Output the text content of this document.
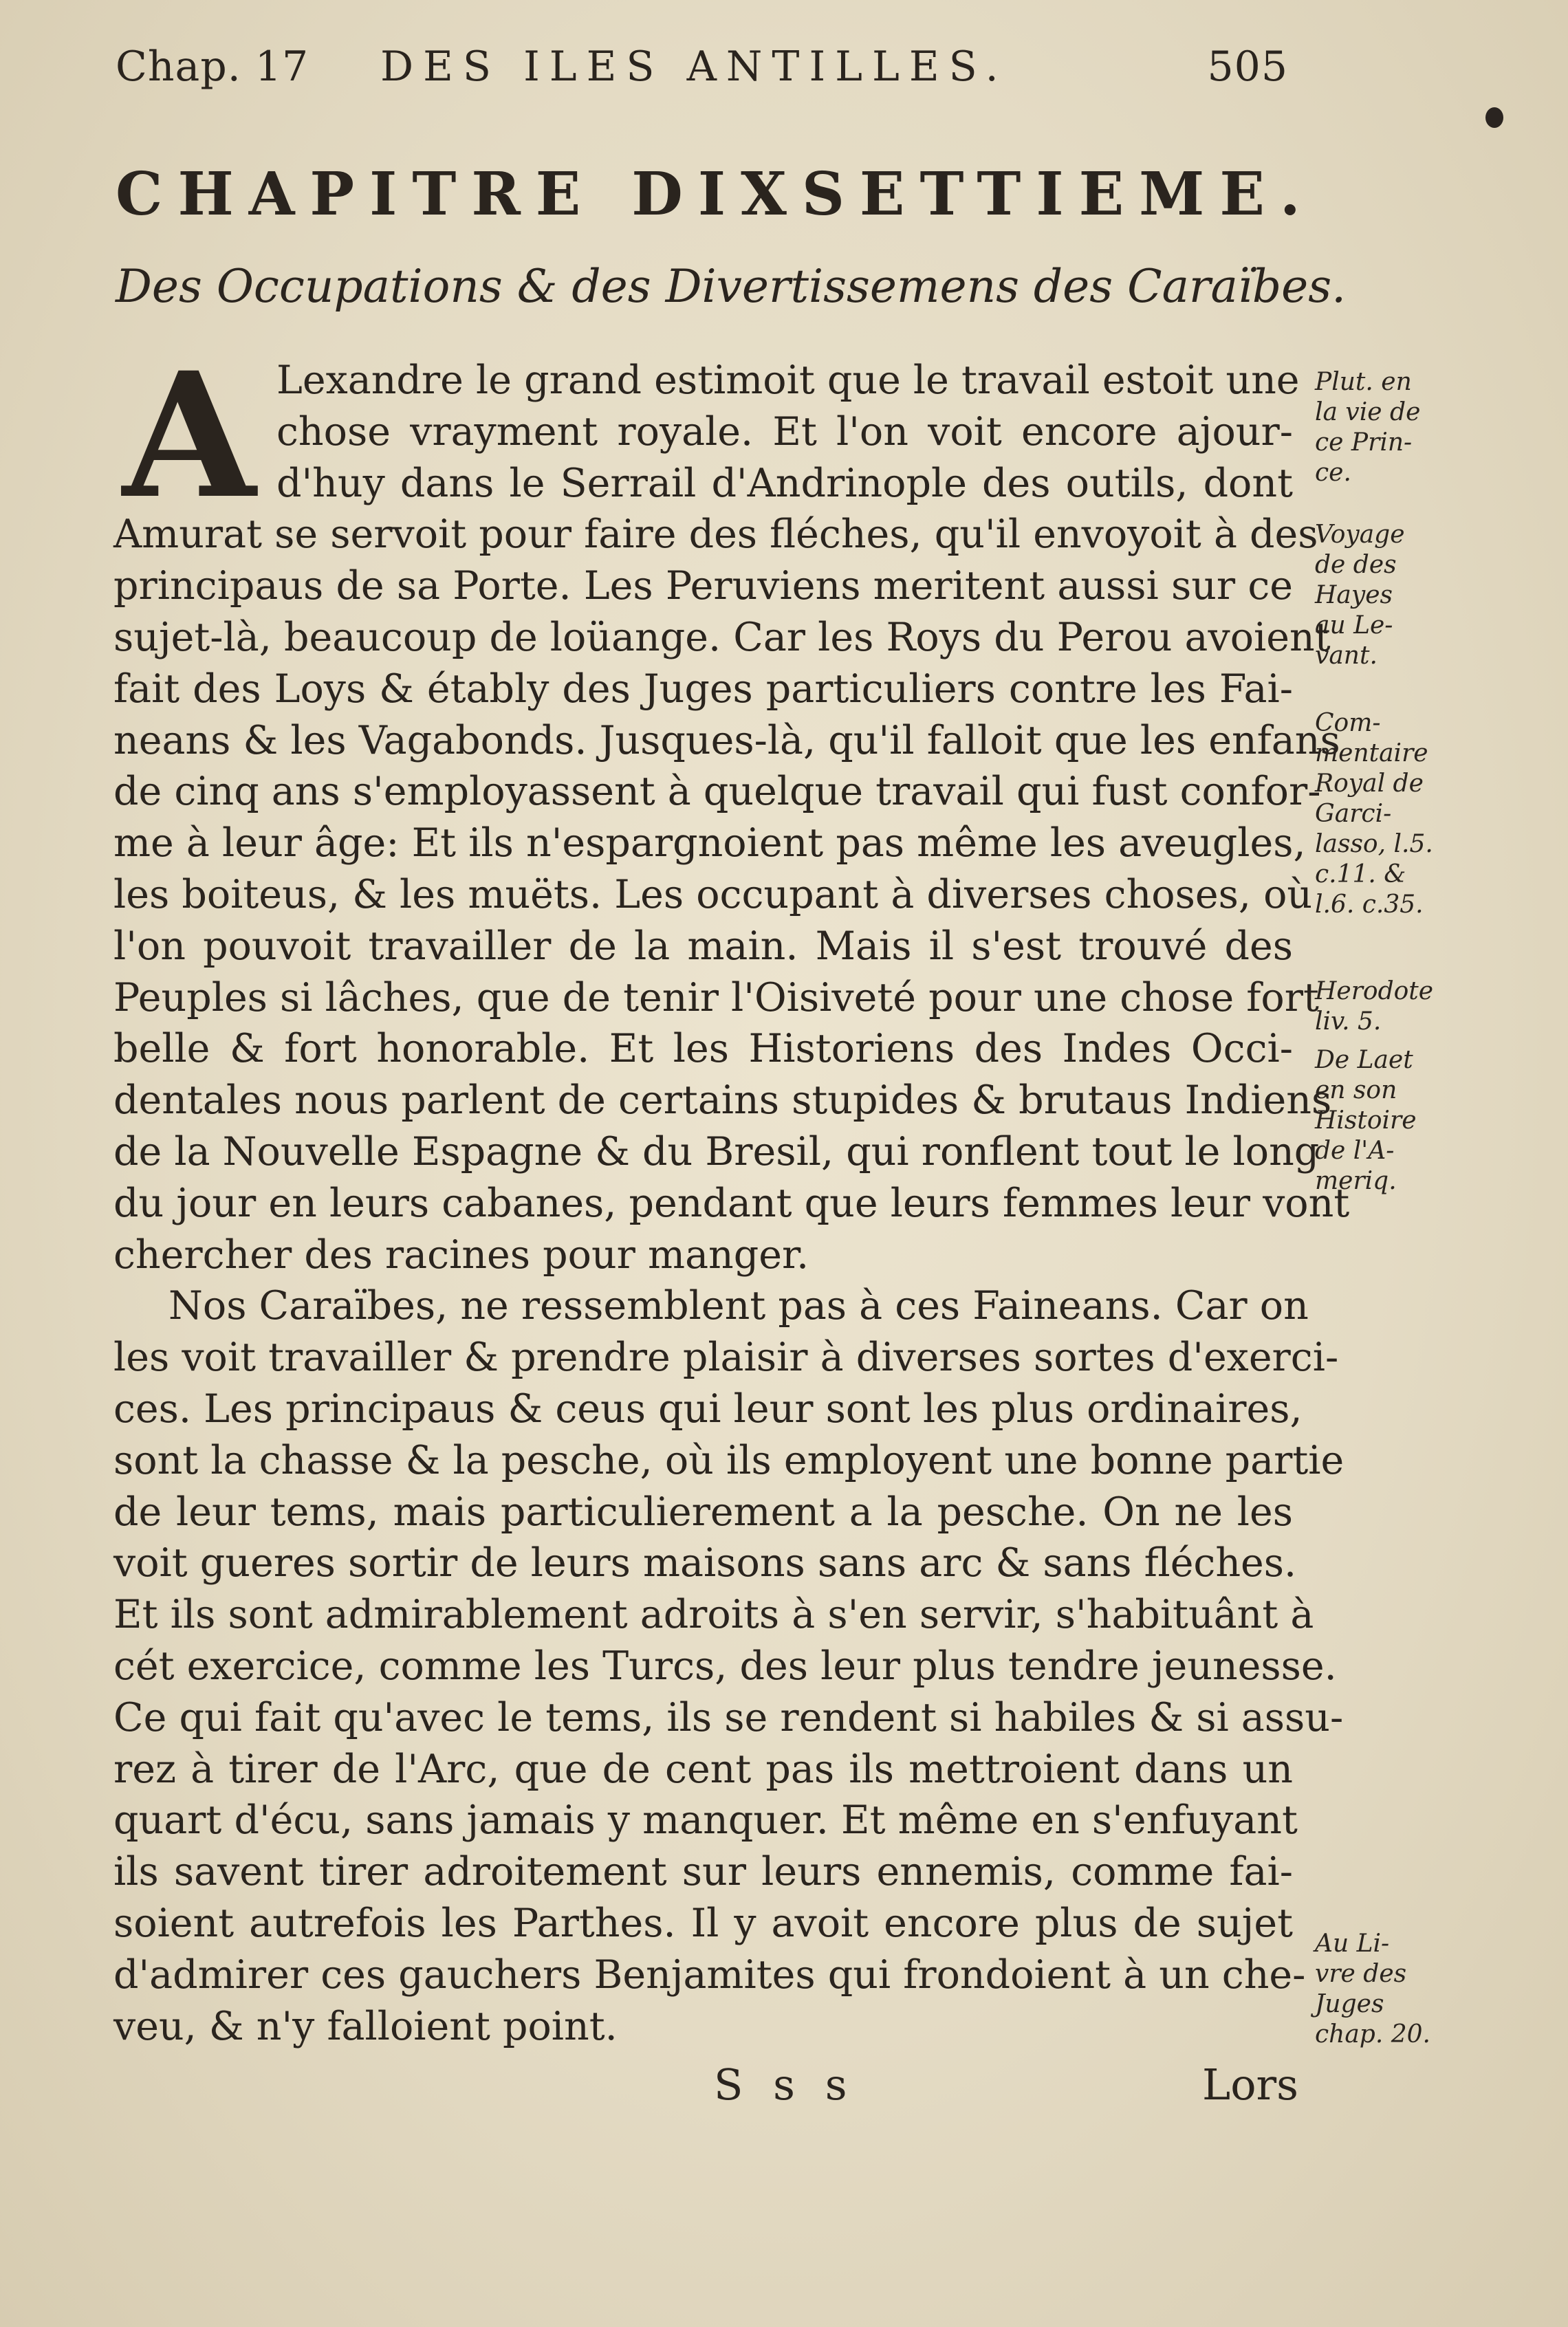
Chap. 17 DES ILES ANTILLES.	505
CHAPITRE DIXSETTIEME.
Des Occupations & des Divertissemens des Caraïbes.
A Lexandre le grand estimoit que le travail estoit une
chose vrayment royale. Et l'on voit encore ajour-
d'huy dans le Serrail d'Andrinople des outils, dont
Amurat se servoit pour faire des fléches, qu'il envoyoit à des
principaus de sa Porte. Les Peruviens meritent aussi sur ce
sujet-là, beaucoup de loüange. Car les Roys du Perou avoient
fait des Loys & étably des Juges particuliers contre les Fai-
neans & les Vagabonds. Jusques-là, qu'il falloit que les enfans
de cinq ans s'employassent à quelque travail qui fust confor-
me à leur âge: Et ils n'espargnoient pas même les aveugles,
les boiteus, & les muëts. Les occupant à diverses choses, où
l'on pouvoit travailler de la main. Mais il s'est trouvé des
Peuples si lâches, que de tenir l'Oisiveté pour une chose fort
belle & fort honorable. Et les Historiens des Indes Occi-
dentales nous parlent de certains stupides & brutaus Indiens
de la Nouvelle Espagne & du Bresil, qui ronflent tout le long
du jour en leurs cabanes, pendant que leurs femmes leur vont
chercher des racines pour manger.
Nos Caraïbes, ne ressemblent pas à ces Faineans. Car on
les voit travailler & prendre plaisir à diverses sortes d'exerci-
ces. Les principaus & ceus qui leur sont les plus ordinaires,
sont la chasse & la pesche, où ils employent une bonne partie
de leur tems, mais particulierement a la pesche. On ne les
voit gueres sortir de leurs maisons sans arc & sans fléches.
Et ils sont admirablement adroits à s'en servir, s'habituânt à
cét exercice, comme les Turcs, des leur plus tendre jeunesse.
Ce qui fait qu'avec le tems, ils se rendent si habiles & si assu-
rez à tirer de l'Arc, que de cent pas ils mettroient dans un
quart d'écu, sans jamais y manquer. Et même en s'enfuyant
ils savent tirer adroitement sur leurs ennemis, comme fai-
soient autrefois les Parthes. Il y avoit encore plus de sujet
d'admirer ces gauchers Benjamites qui frondoient à un che-
veu, & n'y falloient point.
Plut. en
la vie de
ce Prin-
ce.
Voyage
de des
Hayes
au Le-
vant.
Com-
mentaire
Royal de
Garci-
lasso, l.5.
c.11. &
l.6. c.35.
Herodote
liv. 5.
De Laet
en son
Histoire
de l'A-
meriq.
Au Li-
vre des
Juges
chap. 20.
S s s	Lors
